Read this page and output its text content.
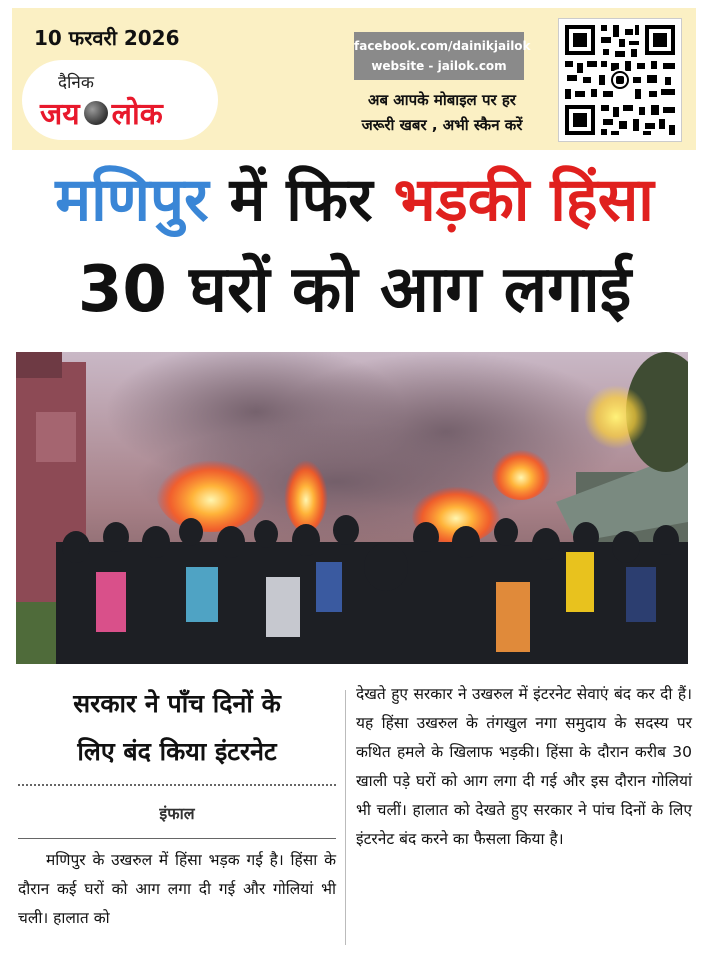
10 फरवरी 2026
दैनिक
जय लोक
facebook.com/dainikjailok
website - jailok.com
अब आपके मोबाइल पर हर
जरूरी खबर , अभी स्कैन करें
मणिपुर में फिर भड़की हिंसा
30 घरों को आग लगाई
सरकार ने पाँच दिनों के
लिए बंद किया इंटरनेट
इंफाल
मणिपुर के उखरुल में हिंसा भड़क गई है। हिंसा के दौरान कई घरों को आग लगा दी गई और गोलियां भी चली। हालात को
देखते हुए सरकार ने उखरुल में इंटरनेट सेवाएं बंद कर दी हैं। यह हिंसा उखरुल के तंगखुल नगा समुदाय के सदस्य पर कथित हमले के खिलाफ भड़की। हिंसा के दौरान करीब 30 खाली पड़े घरों को आग लगा दी गई और इस दौरान गोलियां भी चलीं। हालात को देखते हुए सरकार ने पांच दिनों के लिए इंटरनेट बंद करने का फैसला किया है।
